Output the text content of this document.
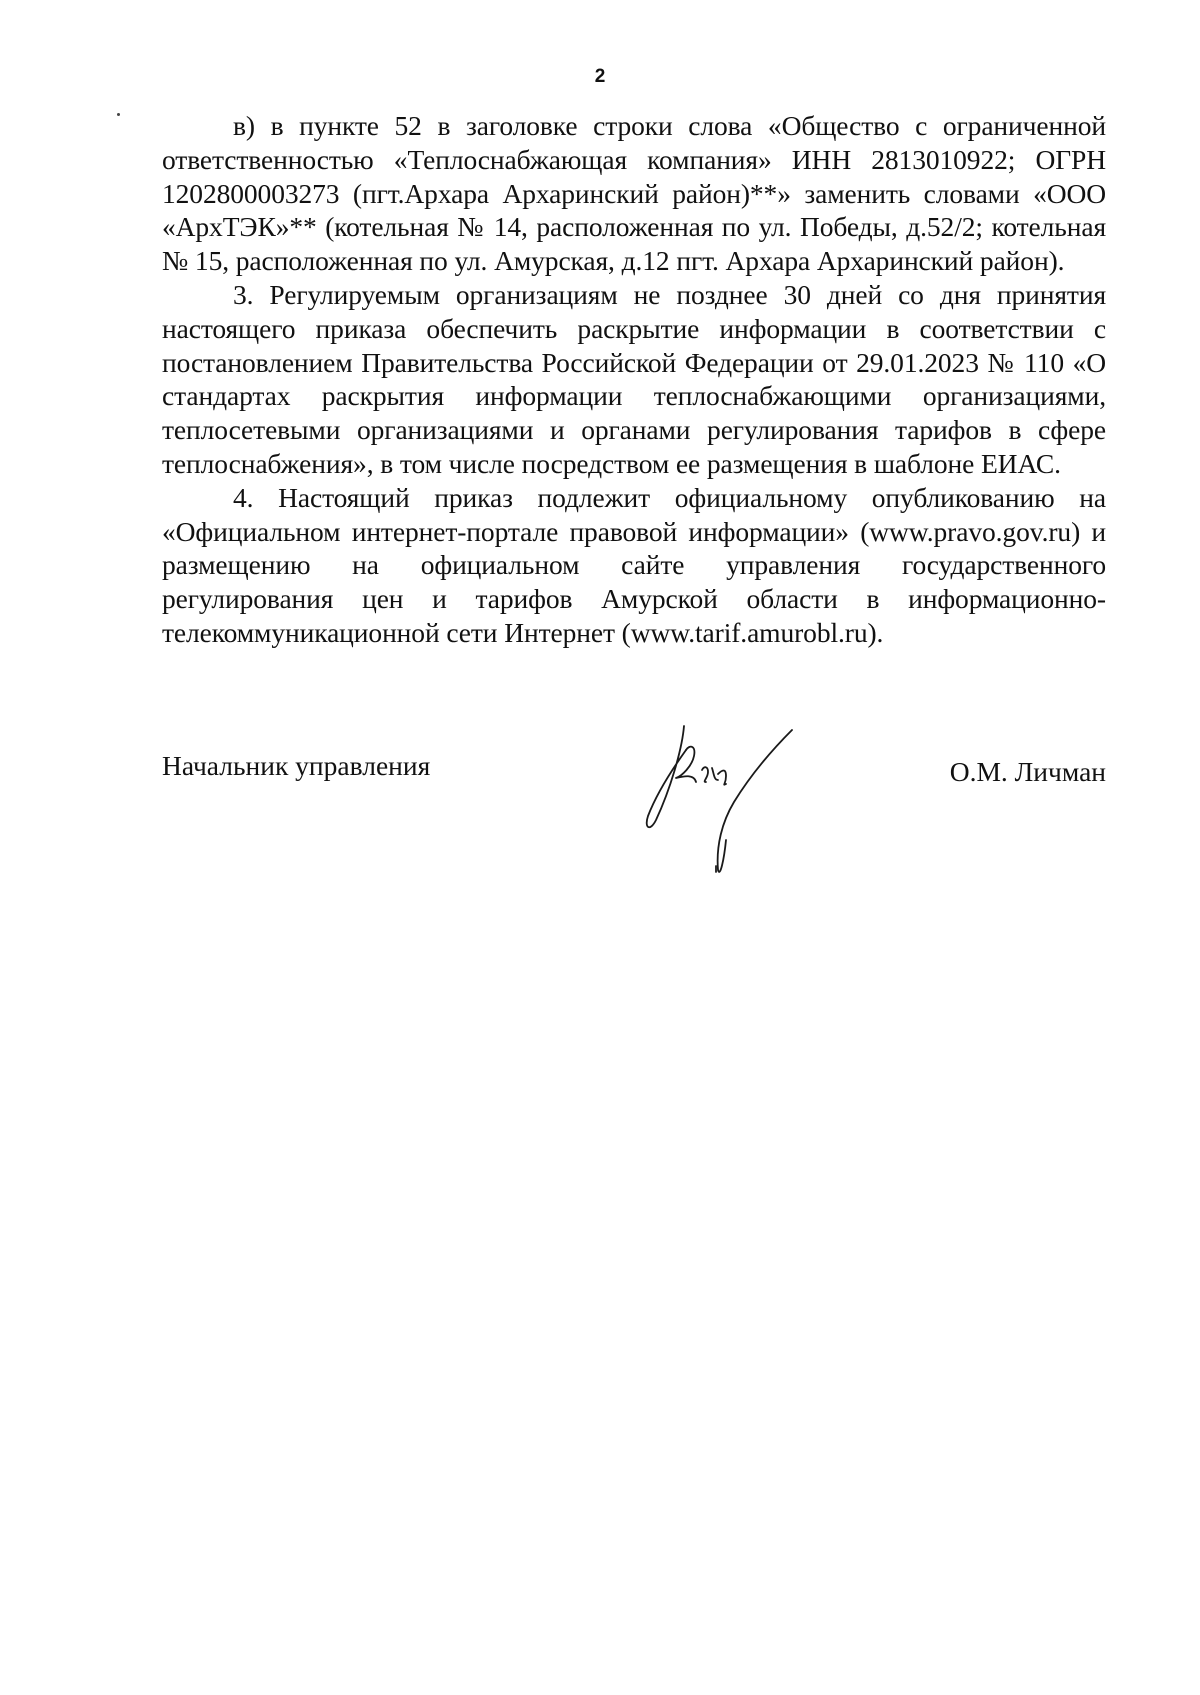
2

в) в пункте 52 в заголовке строки слова «Общество с ограниченной ответственностью «Теплоснабжающая компания» ИНН 2813010922; ОГРН 1202800003273 (пгт.Архара Архаринский район)**» заменить словами «ООО «АрхТЭК»** (котельная № 14, расположенная по ул. Победы, д.52/2; котельная № 15, расположенная по ул. Амурская, д.12 пгт. Архара Архаринский район).

3. Регулируемым организациям не позднее 30 дней со дня принятия настоящего приказа обеспечить раскрытие информации в соответствии с постановлением Правительства Российской Федерации от 29.01.2023 № 110 «О стандартах раскрытия информации теплоснабжающими организациями, теплосетевыми организациями и органами регулирования тарифов в сфере теплоснабжения», в том числе посредством ее размещения в шаблоне ЕИАС.

4. Настоящий приказ подлежит официальному опубликованию на «Официальном интернет-портале правовой информации» (www.pravo.gov.ru) и размещению на официальном сайте управления государственного регулирования цен и тарифов Амурской области в информационно-телекоммуникационной сети Интернет (www.tarif.amurobl.ru).

Начальник управления	О.М. Личман
